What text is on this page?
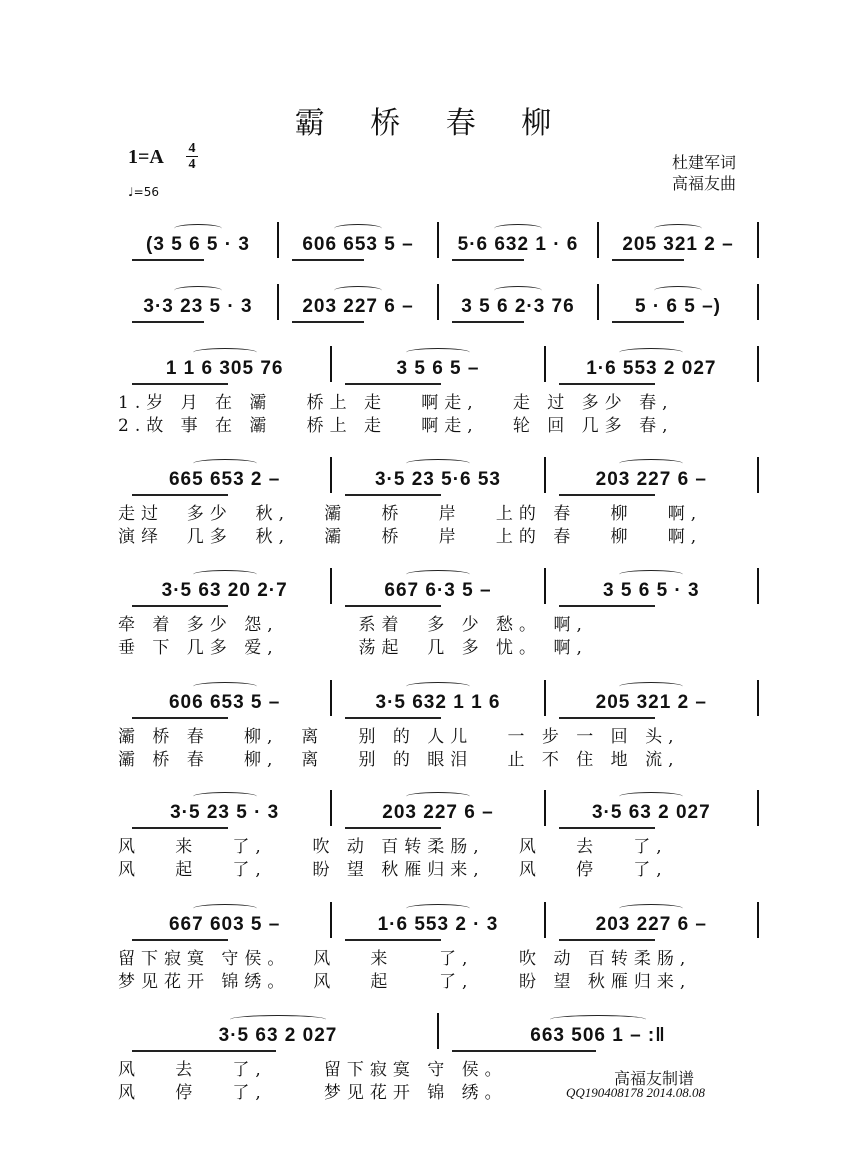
霸 桥 春 柳
1=A 4
4
♩=56
杜建军词
高福友曲
(3 5 6 5 · 3	606 653 5 –	5·6 632 1 · 6	205 321 2 –
3·3 23 5 · 3	203 227 6 –	3 5 6 2·3 76	5 · 6 5 –)
1 1 6 305 76	3 5 6 5 –	1·6 553 2 027
1.岁 月 在 灞   桥上 走   啊走,   走 过 多少 春,
2.故 事 在 灞   桥上 走   啊走,   轮 回 几多 春,
665 653 2 –	3·5 23 5·6 53	203 227 6 –
走过  多少  秋,   灞   桥   岸   上的 春   柳   啊,
演绎  几多  秋,   灞   桥   岸   上的 春   柳   啊,
3·5 63 20 2·7	667 6·3 5 –	3 5 6 5 · 3
牵 着 多少 怨,       系着  多 少 愁。 啊,
垂 下 几多 爱,       荡起  几 多 忧。 啊,
606 653 5 –	3·5 632 1 1 6	205 321 2 –
灞 桥 春   柳,  离   别 的 人儿   一 步 一 回 头,
灞 桥 春   柳,  离   别 的 眼泪   止 不 住 地 流,
3·5 23 5 · 3	203 227 6 –	3·5 63 2 027
风   来   了,    吹 动 百转柔肠,   风   去   了,
风   起   了,    盼 望 秋雁归来,   风   停   了,
667 603 5 –	1·6 553 2 · 3	203 227 6 –
留下寂寞 守侯。  风   来    了,    吹 动 百转柔肠,
梦见花开 锦绣。  风   起    了,    盼 望 秋雁归来,
3·5 63 2 027	663 506 1 – :‖
风   去   了,     留下寂寞 守 侯。
风   停   了,     梦见花开 锦 绣。
高福友制谱
QQ190408178 2014.08.08
